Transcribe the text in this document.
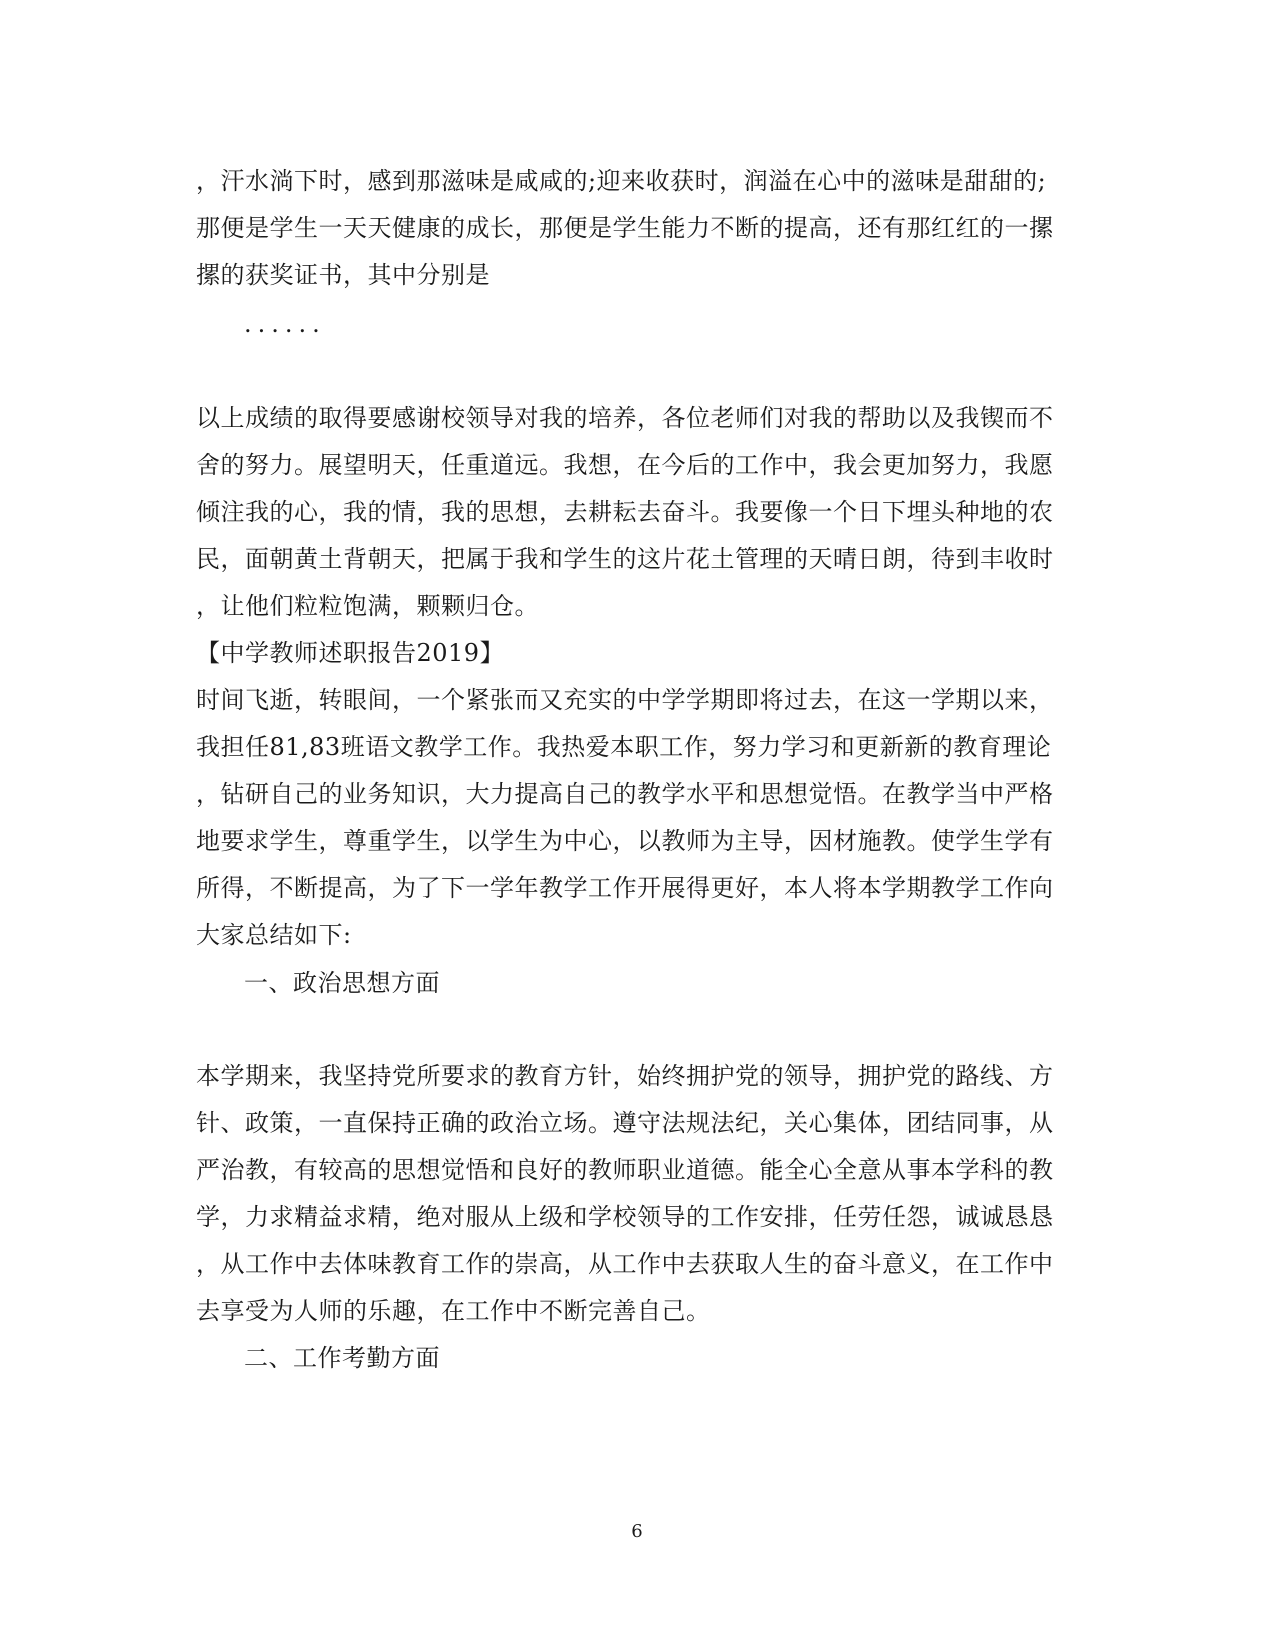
，汗水淌下时，感到那滋味是咸咸的;迎来收获时，润溢在心中的滋味是甜甜的;
那便是学生一天天健康的成长，那便是学生能力不断的提高，还有那红红的一摞
摞的获奖证书，其中分别是
......
以上成绩的取得要感谢校领导对我的培养，各位老师们对我的帮助以及我锲而不
舍的努力。展望明天，任重道远。我想，在今后的工作中，我会更加努力，我愿
倾注我的心，我的情，我的思想，去耕耘去奋斗。我要像一个日下埋头种地的农
民，面朝黄土背朝天，把属于我和学生的这片花土管理的天晴日朗，待到丰收时
，让他们粒粒饱满，颗颗归仓。
【中学教师述职报告2019】
时间飞逝，转眼间，一个紧张而又充实的中学学期即将过去，在这一学期以来，
我担任81,83班语文教学工作。我热爱本职工作，努力学习和更新新的教育理论
，钻研自己的业务知识，大力提高自己的教学水平和思想觉悟。在教学当中严格
地要求学生，尊重学生，以学生为中心，以教师为主导，因材施教。使学生学有
所得，不断提高，为了下一学年教学工作开展得更好，本人将本学期教学工作向
大家总结如下:
一、政治思想方面
本学期来，我坚持党所要求的教育方针，始终拥护党的领导，拥护党的路线、方
针、政策，一直保持正确的政治立场。遵守法规法纪，关心集体，团结同事，从
严治教，有较高的思想觉悟和良好的教师职业道德。能全心全意从事本学科的教
学，力求精益求精，绝对服从上级和学校领导的工作安排，任劳任怨，诚诚恳恳
，从工作中去体味教育工作的崇高，从工作中去获取人生的奋斗意义，在工作中
去享受为人师的乐趣，在工作中不断完善自己。
二、工作考勤方面
6
